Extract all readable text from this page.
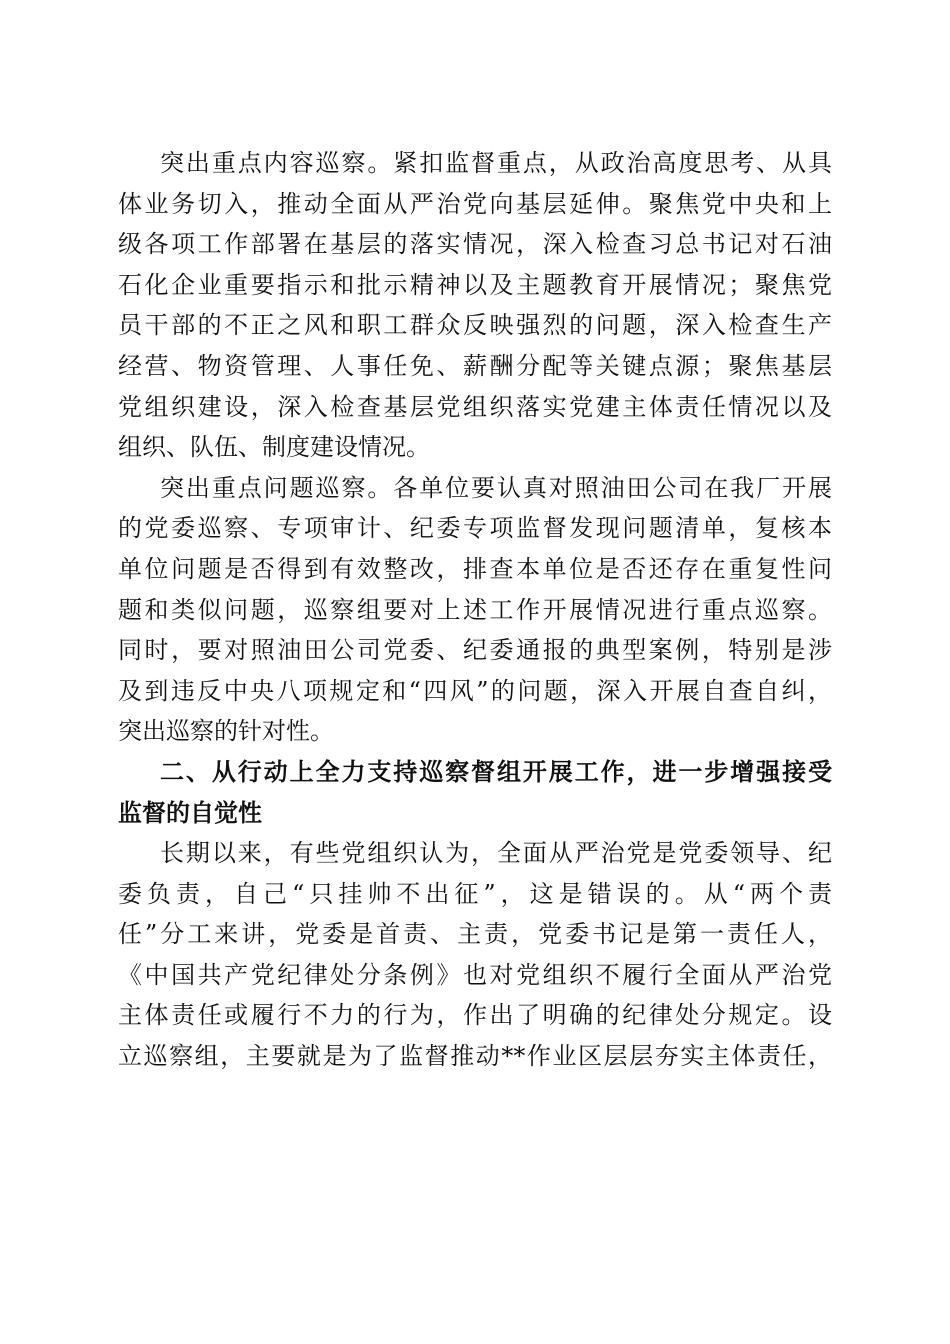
突出重点内容巡察。紧扣监督重点，从政治高度思考、从具
体业务切入，推动全面从严治党向基层延伸。聚焦党中央和上
级各项工作部署在基层的落实情况，深入检查习总书记对石油
石化企业重要指示和批示精神以及主题教育开展情况；聚焦党
员干部的不正之风和职工群众反映强烈的问题，深入检查生产
经营、物资管理、人事任免、薪酬分配等关键点源；聚焦基层
党组织建设，深入检查基层党组织落实党建主体责任情况以及
组织、队伍、制度建设情况。
突出重点问题巡察。各单位要认真对照油田公司在我厂开展
的党委巡察、专项审计、纪委专项监督发现问题清单，复核本
单位问题是否得到有效整改，排查本单位是否还存在重复性问
题和类似问题，巡察组要对上述工作开展情况进行重点巡察。
同时，要对照油田公司党委、纪委通报的典型案例，特别是涉
及到违反中央八项规定和“四风”的问题，深入开展自查自纠，
突出巡察的针对性。
二、从行动上全力支持巡察督组开展工作，进一步增强接受
监督的自觉性
长期以来，有些党组织认为，全面从严治党是党委领导、纪
委负责，自己“只挂帅不出征”，这是错误的。从“两个责
任”分工来讲，党委是首责、主责，党委书记是第一责任人，
《中国共产党纪律处分条例》也对党组织不履行全面从严治党
主体责任或履行不力的行为，作出了明确的纪律处分规定。设
立巡察组，主要就是为了监督推动**作业区层层夯实主体责任，
